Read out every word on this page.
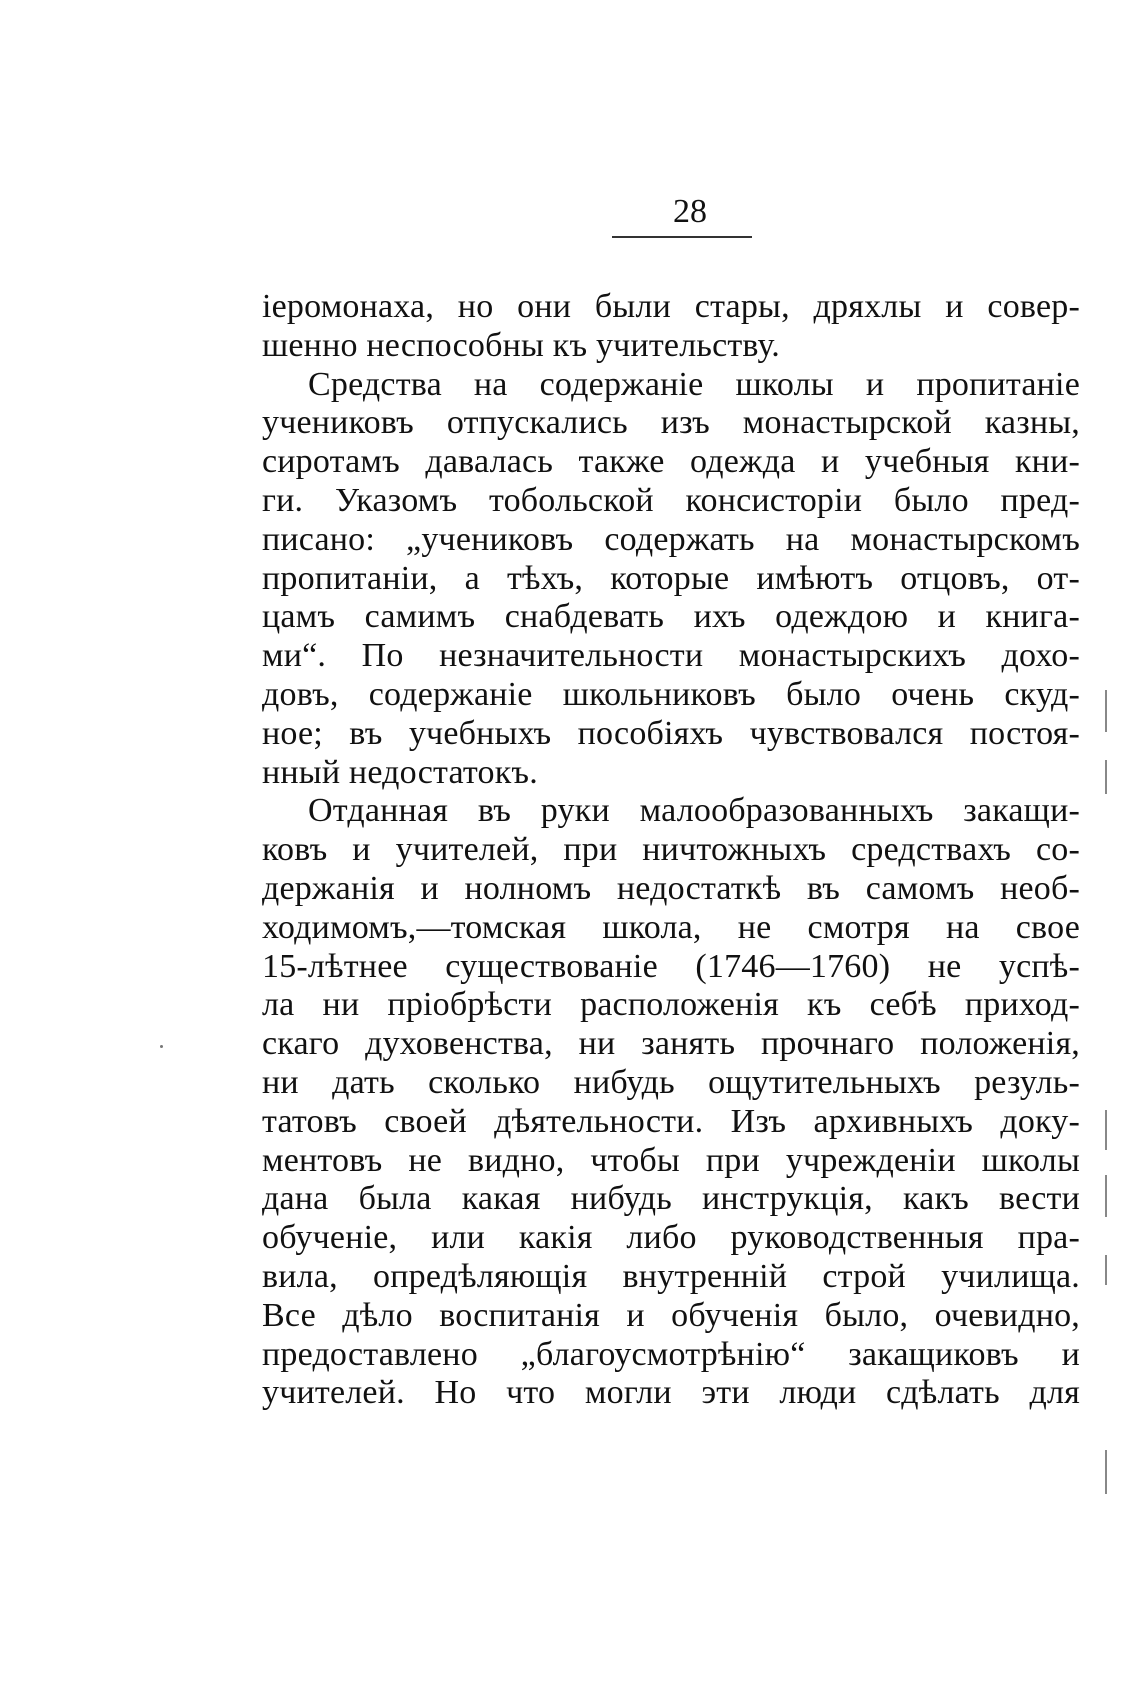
28
іеромонаха, но они были стары, дряхлы и совер-
шенно неспособны къ учительству.
Средства на содержаніе школы и пропитаніе
учениковъ отпускались изъ монастырской казны,
сиротамъ давалась также одежда и учебныя кни-
ги. Указомъ тобольской консисторіи было пред-
писано: „учениковъ содержать на монастырскомъ
пропитаніи, а тѣхъ, которые имѣютъ отцовъ, от-
цамъ самимъ снабдевать ихъ одеждою и книга-
ми“. По незначительности монастырскихъ дохо-
довъ, содержаніе школьниковъ было очень скуд-
ное; въ учебныхъ пособіяхъ чувствовался постоя-
нный недостатокъ.
Отданная въ руки малообразованныхъ закащи-
ковъ и учителей, при ничтожныхъ средствахъ со-
держанія и нолномъ недостаткѣ въ самомъ необ-
ходимомъ,—томская школа, не смотря на свое
15-лѣтнее существованіе (1746—1760) не успѣ-
ла ни пріобрѣсти расположенія къ себѣ приход-
скаго духовенства, ни занять прочнаго положенія,
ни дать сколько нибудь ощутительныхъ резуль-
татовъ своей дѣятельности. Изъ архивныхъ доку-
ментовъ не видно, чтобы при учрежденіи школы
дана была какая нибудь инструкція, какъ вести
обученіе, или какія либо руководственныя пра-
вила, опредѣляющія внутренній строй училища.
Все дѣло воспитанія и обученія было, очевидно,
предоставлено „благоусмотрѣнію“ закащиковъ и
учителей. Но что могли эти люди сдѣлать для
